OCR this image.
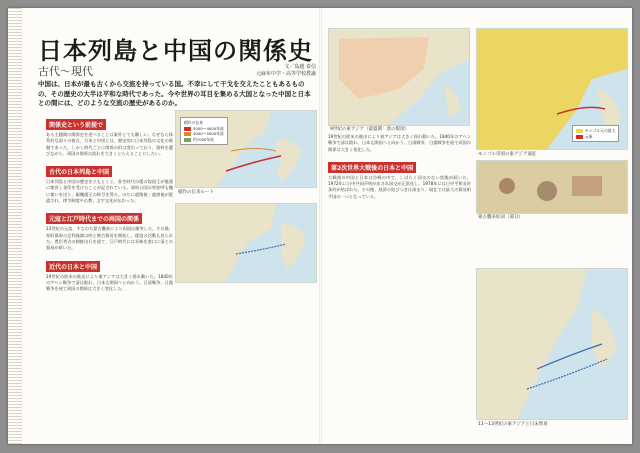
日本列島と中国の関係史
古代〜現代	文／島越 泰信
元麻布中学・高等学校教諭
中国は、日本が最も古くから交流を持っている国。不幸にして干戈を交えたこともあるものの、その歴史の大半は平和な時代であった。今や世界の耳目を集める大国となった中国と日本との間には、どのような交流の歴史があるのか。
関係史という前提で

ある主題関の関係史を述べることは案外とても難しい。なぜなら体系的な国々の接点、日本と中国とは、歴史的に日本列島の文化の基盤であった。しかし時代ごとに関係の形は変わっており、資料を選びながら、両国の関係の流れを大きくとらえることにしたい。

古代の日本列島と中国

日本列島と中国の歴史をひもとくと、弥生時代の倭の奴国王が後漢に朝貢し金印を受けたことが記されている。邪馬台国の卑弥呼も魏に使いを送り、親魏倭王の称号を得た。のちに遣隋使・遣唐使が派遣され、律令制度や仏教、文字文化が伝わった。

元寇と江戸時代までの両国の関係

13世紀の元寇、すなわち蒙古襲来により両国は衝突した。その後、室町幕府の足利義満は明と勘合貿易を開始し、倭寇の活動も見られた。豊臣秀吉の朝鮮出兵を経て、江戸時代には長崎を窓口に清との貿易が続いた。

近代の日本と中国

19世紀の欧米の進出により東アジアは大きく揺れ動いた。1840年のアヘン戦争で清は敗れ、日本も開国へと向かう。日清戦争、日露戦争を経て両国の関係は大きく変化した。

稲作の伝来
3000〜4000年前
4000〜5000年前
約7000年前
稲作の伝来ルート
9世紀の東アジア（最盛期：唐の版図）	モンゴル元の最大
元軍
モンゴル帝国の東アジア遠征

19世紀の欧米の進出により東アジアは大きく揺れ動いた。1840年のアヘン戦争で清は敗れ、日本も開国へと向かう。日清戦争、日露戦争を経て両国の関係は大きく変化した。

第2次世界大戦後の日本と中国

大戦後の中国と日本は冷戦の中で、しばらく国交のない状態が続いた。1972年に日中共同声明が出され国交が正常化し、1978年には日中平和友好条約が結ばれた。その後、経済の結びつきは深まり、現在では最大の貿易相手国の一つとなっている。

蒙古襲来絵詞（部分）
11〜13世紀の東アジアと日宋貿易
